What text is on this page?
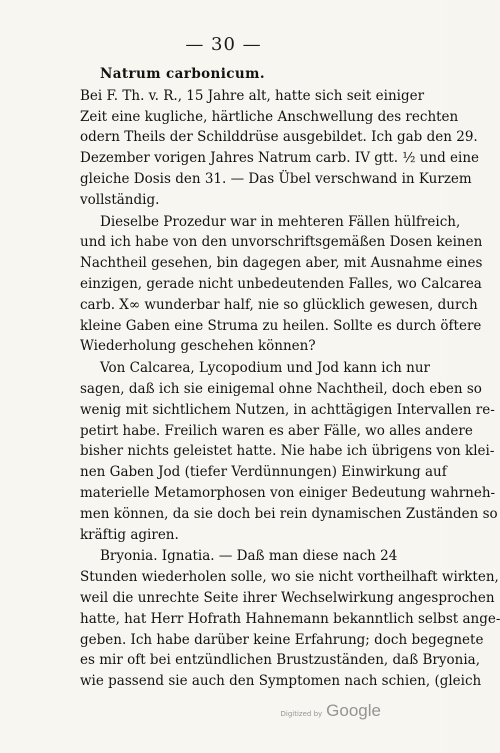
— 30 —
Natrum carbonicum.
Bei F. Th. v. R., 15 Jahre alt, hatte sich seit einiger
Zeit eine kugliche, härtliche Anschwellung des rechten
odern Theils der Schilddrüse ausgebildet. Ich gab den 29.
Dezember vorigen Jahres Natrum carb. IV gtt. ½ und eine
gleiche Dosis den 31. — Das Übel verschwand in Kurzem
vollständig.
Dieselbe Prozedur war in mehteren Fällen hülfreich,
und ich habe von den unvorschriftsgemäßen Dosen keinen
Nachtheil gesehen, bin dagegen aber, mit Ausnahme eines
einzigen, gerade nicht unbedeutenden Falles, wo Calcarea
carb. X∞ wunderbar half, nie so glücklich gewesen, durch
kleine Gaben eine Struma zu heilen. Sollte es durch öftere
Wiederholung geschehen können?
Von Calcarea, Lycopodium und Jod kann ich nur
sagen, daß ich sie einigemal ohne Nachtheil, doch eben so
wenig mit sichtlichem Nutzen, in achttägigen Intervallen re-
petirt habe. Freilich waren es aber Fälle, wo alles andere
bisher nichts geleistet hatte. Nie habe ich übrigens von klei-
nen Gaben Jod (tiefer Verdünnungen) Einwirkung auf
materielle Metamorphosen von einiger Bedeutung wahrneh-
men können, da sie doch bei rein dynamischen Zuständen so
kräftig agiren.
Bryonia. Ignatia. — Daß man diese nach 24
Stunden wiederholen solle, wo sie nicht vortheilhaft wirkten,
weil die unrechte Seite ihrer Wechselwirkung angesprochen
hatte, hat Herr Hofrath Hahnemann bekanntlich selbst ange-
geben. Ich habe darüber keine Erfahrung; doch begegnete
es mir oft bei entzündlichen Brustzuständen, daß Bryonia,
wie passend sie auch den Symptomen nach schien, (gleich
Digitized by Google
